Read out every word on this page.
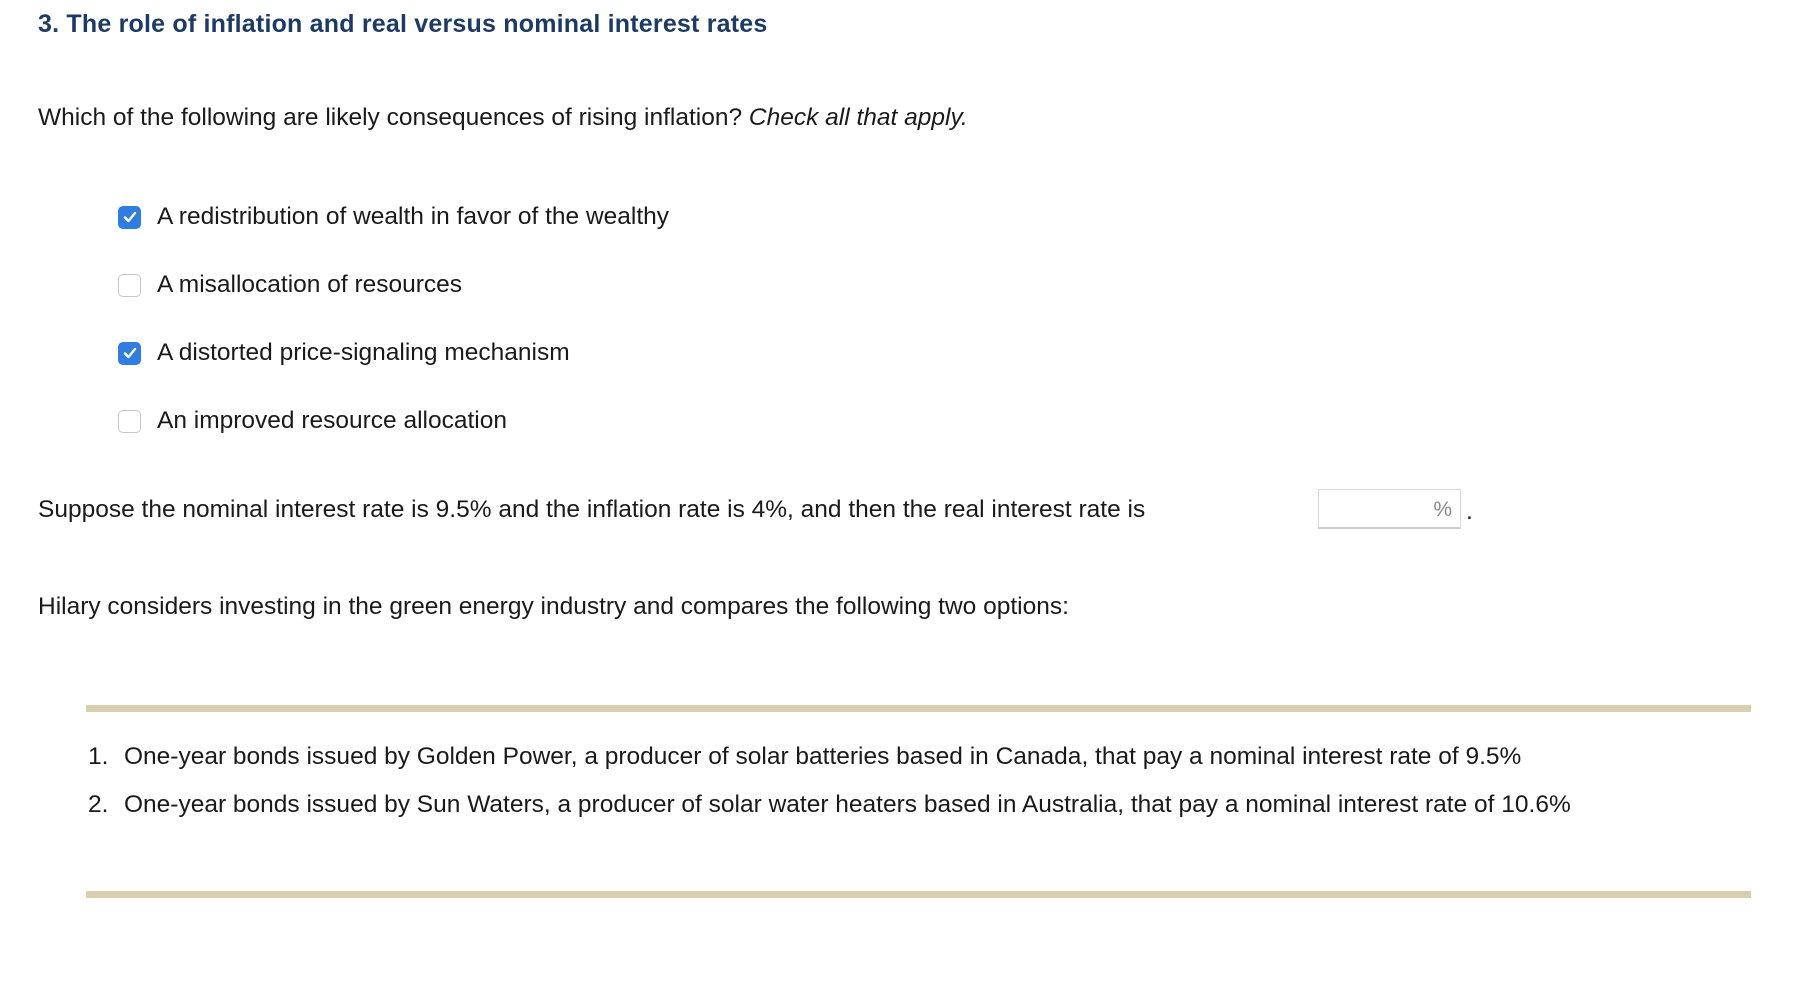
3. The role of inflation and real versus nominal interest rates
Which of the following are likely consequences of rising inflation? Check all that apply.
A redistribution of wealth in favor of the wealthy
A misallocation of resources
A distorted price-signaling mechanism
An improved resource allocation
Suppose the nominal interest rate is 9.5% and the inflation rate is 4%, and then the real interest rate is	% .
Hilary considers investing in the green energy industry and compares the following two options:
1. One-year bonds issued by Golden Power, a producer of solar batteries based in Canada, that pay a nominal interest rate of 9.5%
2. One-year bonds issued by Sun Waters, a producer of solar water heaters based in Australia, that pay a nominal interest rate of 10.6%
